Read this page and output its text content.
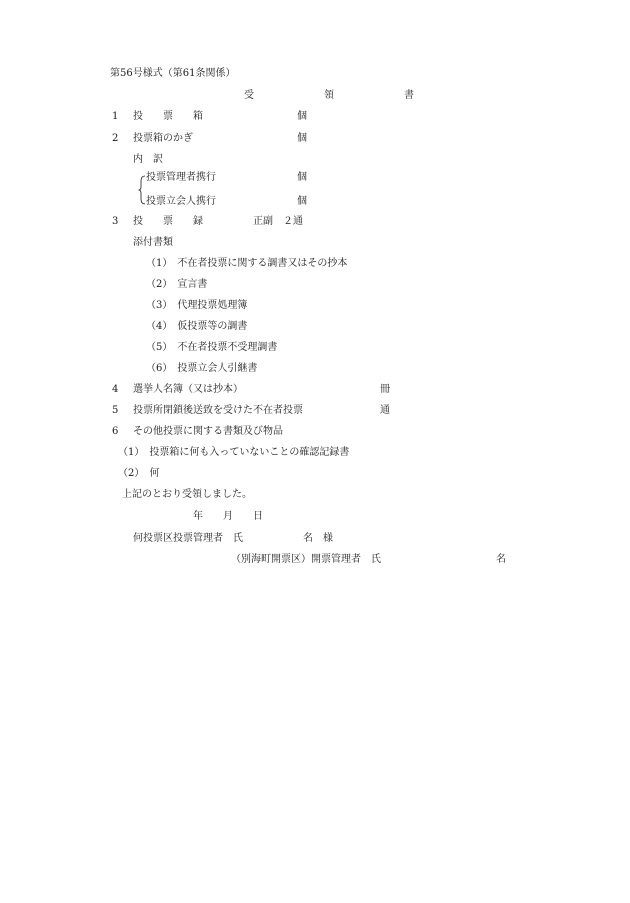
第56号様式（第61条関係）
受　　　　　　　領　　　　　　　書
1 投　　票　　箱	個
2 投票箱のかぎ	個
内　訳
投票管理者携行	個
投票立会人携行	個
3 投　　票　　録	正副　２通
添付書類
（1）　不在者投票に関する調書又はその抄本
（2）　宣言書
（3）　代理投票処理簿
（4）　仮投票等の調書
（5）　不在者投票不受理調書
（6）　投票立会人引継書
4 選挙人名簿（又は抄本）	冊
5 投票所閉鎖後送致を受けた不在者投票	通
6 その他投票に関する書類及び物品
（1）　投票箱に何も入っていないことの確認記録書
（2）　何
上記のとおり受領しました。
年　　月　　日
何投票区投票管理者　氏　　　　　　名　様
（別海町開票区）開票管理者　氏	名
